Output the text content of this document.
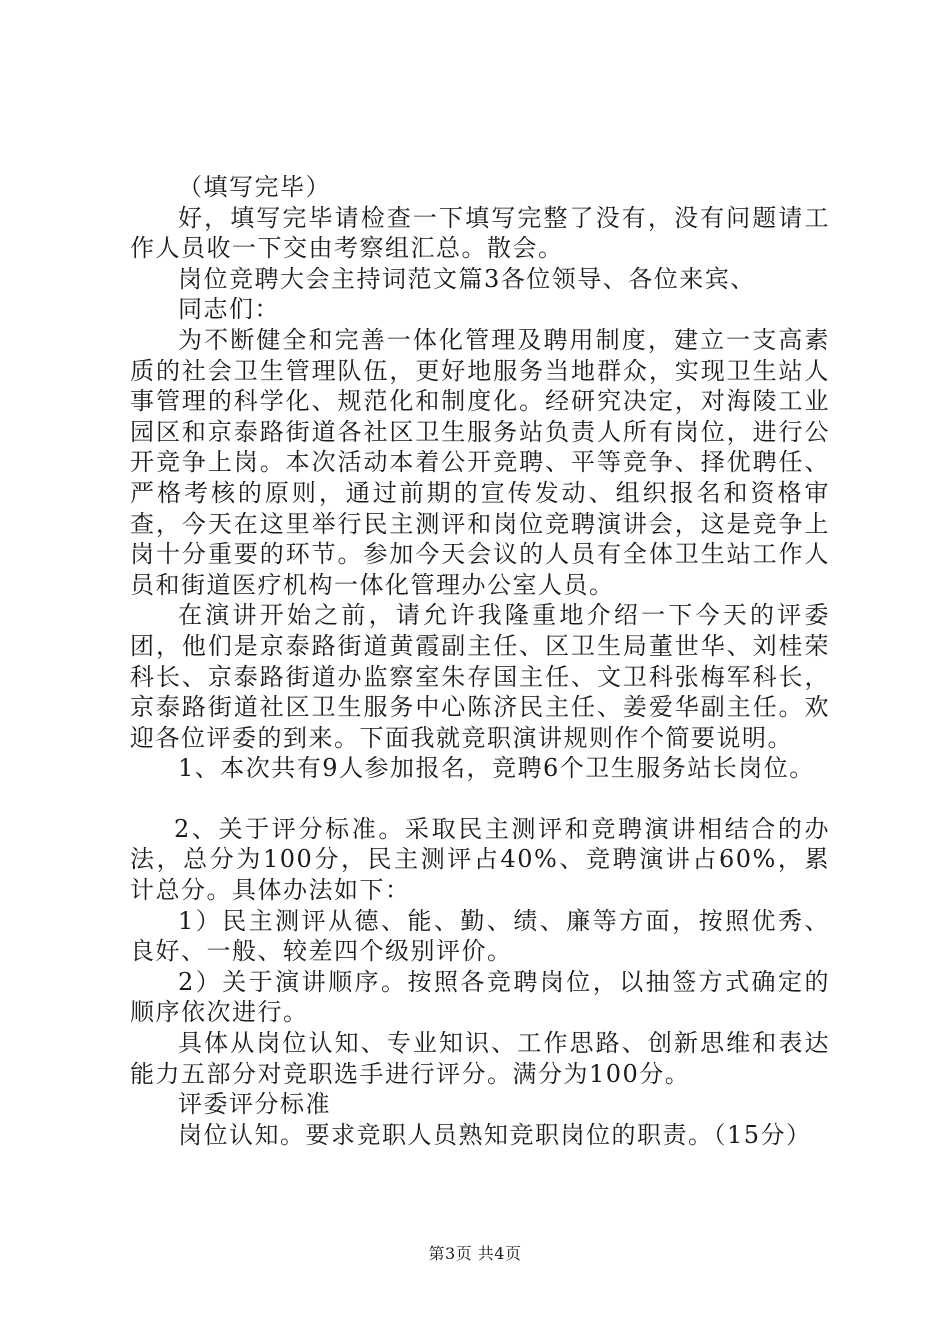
（填写完毕）

好，填写完毕请检查一下填写完整了没有，没有问题请工作人员收一下交由考察组汇总。散会。

岗位竞聘大会主持词范文篇3各位领导、各位来宾、

同志们：

为不断健全和完善一体化管理及聘用制度，建立一支高素质的社会卫生管理队伍，更好地服务当地群众，实现卫生站人事管理的科学化、规范化和制度化。经研究决定，对海陵工业园区和京泰路街道各社区卫生服务站负责人所有岗位，进行公开竞争上岗。本次活动本着公开竞聘、平等竞争、择优聘任、严格考核的原则，通过前期的宣传发动、组织报名和资格审查，今天在这里举行民主测评和岗位竞聘演讲会，这是竞争上岗十分重要的环节。参加今天会议的人员有全体卫生站工作人员和街道医疗机构一体化管理办公室人员。

在演讲开始之前，请允许我隆重地介绍一下今天的评委团，他们是京泰路街道黄霞副主任、区卫生局董世华、刘桂荣科长、京泰路街道办监察室朱存国主任、文卫科张梅军科长，京泰路街道社区卫生服务中心陈济民主任、姜爱华副主任。欢迎各位评委的到来。下面我就竞职演讲规则作个简要说明。

1、本次共有9人参加报名，竞聘6个卫生服务站长岗位。

2、关于评分标准。采取民主测评和竞聘演讲相结合的办法，总分为100分，民主测评占40%、竞聘演讲占60%，累计总分。具体办法如下：

1）民主测评从德、能、勤、绩、廉等方面，按照优秀、良好、一般、较差四个级别评价。

2）关于演讲顺序。按照各竞聘岗位，以抽签方式确定的顺序依次进行。

具体从岗位认知、专业知识、工作思路、创新思维和表达能力五部分对竞职选手进行评分。满分为100分。

评委评分标准

岗位认知。要求竞职人员熟知竞职岗位的职责。（15分）

第3页 共4页
